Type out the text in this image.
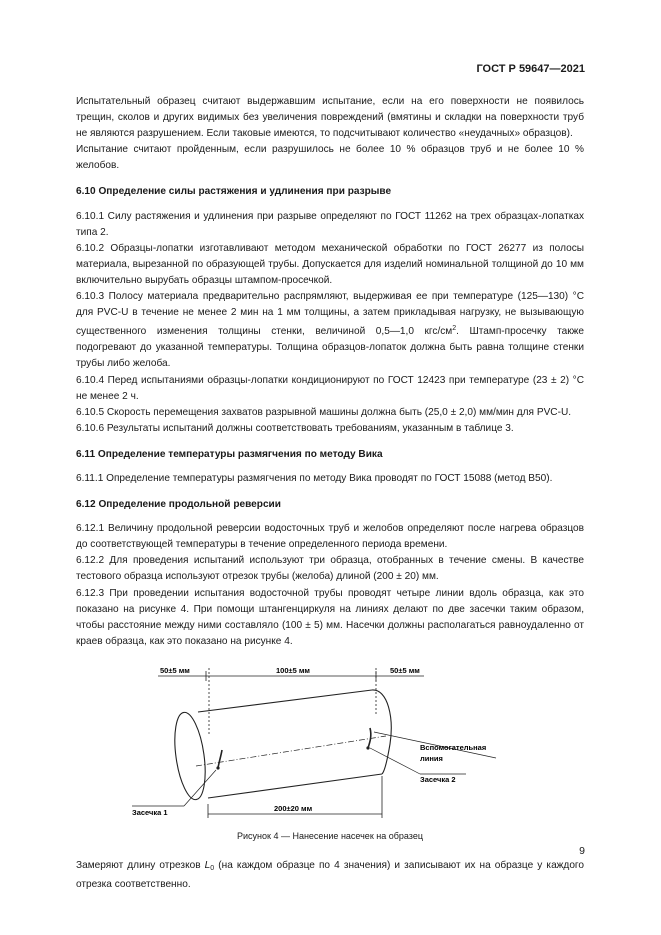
ГОСТ Р 59647—2021

Испытательный образец считают выдержавшим испытание, если на его поверхности не появилось трещин, сколов и других видимых без увеличения повреждений (вмятины и складки на поверхности труб не являются разрушением. Если таковые имеются, то подсчитывают количество «неудачных» образцов).

Испытание считают пройденным, если разрушилось не более 10 % образцов труб и не более 10 % желобов.

6.10 Определение силы растяжения и удлинения при разрыве

6.10.1 Силу растяжения и удлинения при разрыве определяют по ГОСТ 11262 на трех образцах-лопатках типа 2.

6.10.2 Образцы-лопатки изготавливают методом механической обработки по ГОСТ 26277 из полосы материала, вырезанной по образующей трубы. Допускается для изделий номинальной толщиной до 10 мм включительно вырубать образцы штампом-просечкой.

6.10.3 Полосу материала предварительно распрямляют, выдерживая ее при температуре (125—130) °С для PVC-U в течение не менее 2 мин на 1 мм толщины, а затем прикладывая нагрузку, не вызывающую существенного изменения толщины стенки, величиной 0,5—1,0 кгс/$см^2$. Штамп-просечку также подогревают до указанной температуры. Толщина образцов-лопаток должна быть равна толщине стенки трубы либо желоба.

6.10.4 Перед испытаниями образцы-лопатки кондиционируют по ГОСТ 12423 при температуре (23 ± 2) °С не менее 2 ч.

6.10.5 Скорость перемещения захватов разрывной машины должна быть (25,0 ± 2,0) мм/мин для PVC-U.

6.10.6 Результаты испытаний должны соответствовать требованиям, указанным в таблице 3.

6.11 Определение температуры размягчения по методу Вика

6.11.1 Определение температуры размягчения по методу Вика проводят по ГОСТ 15088 (метод В50).

6.12 Определение продольной реверсии

6.12.1 Величину продольной реверсии водосточных труб и желобов определяют после нагрева образцов до соответствующей температуры в течение определенного периода времени.

6.12.2 Для проведения испытаний используют три образца, отобранных в течение смены. В качестве тестового образца используют отрезок трубы (желоба) длиной (200 ± 20) мм.

6.12.3 При проведении испытания водосточной трубы проводят четыре линии вдоль образца, как это показано на рисунке 4. При помощи штангенциркуля на линиях делают по две засечки таким образом, чтобы расстояние между ними составляло (100 ± 5) мм. Насечки должны располагаться равноудаленно от краев образца, как это показано на рисунке 4.

50±5 мм	100±5 мм	50±5 мм
Вспомогательная
линия
Засечка 2
Засечка 1	200±20 мм
Рисунок 4 — Нанесение насечек на образец

Замеряют длину отрезков $L_0$ (на каждом образце по 4 значения) и записывают их на образце у каждого отрезка соответственно.

9
